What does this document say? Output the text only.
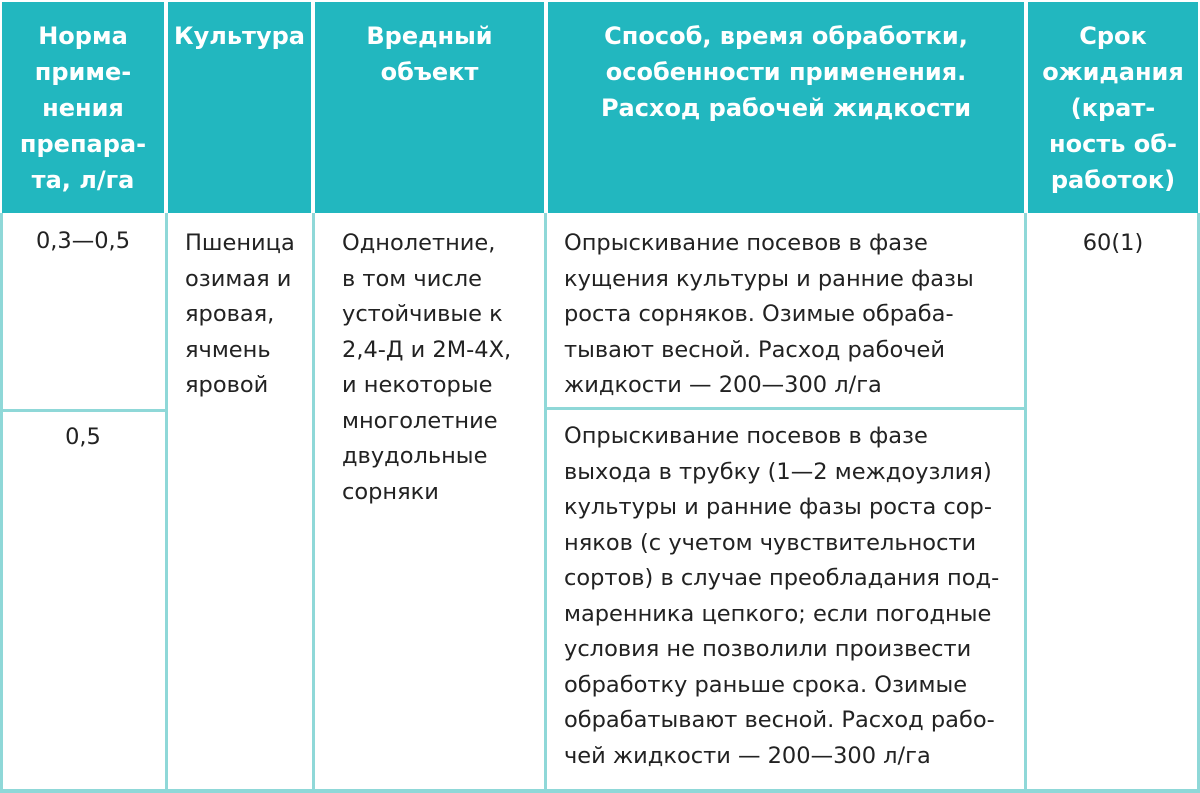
Норма
приме-
нения
препара-
та, л/га
Культура	Вредный
объект
Способ, время обработки,
особенности применения.
Расход рабочей жидкости
Срок
ожидания
(крат-
ность об-
работок)
0,3—0,5
0,5
Пшеница
озимая и
яровая,
ячмень
яровой
Однолетние,
в том числе
устойчивые к
2,4-Д и 2М-4Х,
и некоторые
многолетние
двудольные
сорняки
Опрыскивание посевов в фазе
кущения культуры и ранние фазы
роста сорняков. Озимые обраба-
тывают весной. Расход рабочей
жидкости — 200—300 л/га
Опрыскивание посевов в фазе
выхода в трубку (1—2 междоузлия)
культуры и ранние фазы роста сор-
няков (с учетом чувствительности
сортов) в случае преобладания под-
маренника цепкого; если погодные
условия не позволили произвести
обработку раньше срока. Озимые
обрабатывают весной. Расход рабо-
чей жидкости — 200—300 л/га
60(1)
